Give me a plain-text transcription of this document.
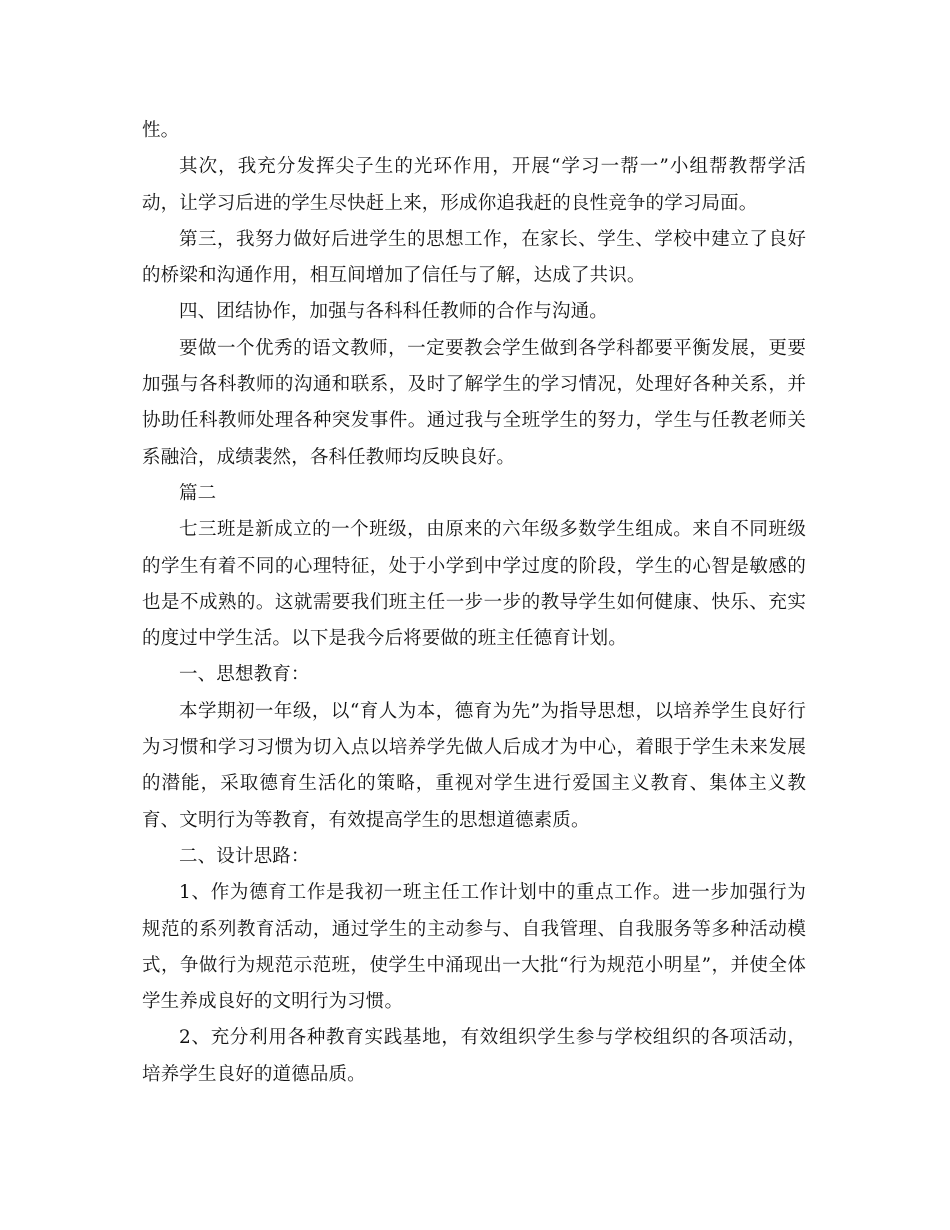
性。

其次，我充分发挥尖子生的光环作用，开展“学习一帮一”小组帮教帮学活动，让学习后进的学生尽快赶上来，形成你追我赶的良性竞争的学习局面。

第三，我努力做好后进学生的思想工作，在家长、学生、学校中建立了良好的桥梁和沟通作用，相互间增加了信任与了解，达成了共识。

四、团结协作，加强与各科科任教师的合作与沟通。

要做一个优秀的语文教师，一定要教会学生做到各学科都要平衡发展，更要加强与各科教师的沟通和联系，及时了解学生的学习情况，处理好各种关系，并协助任科教师处理各种突发事件。通过我与全班学生的努力，学生与任教老师关系融洽，成绩裴然，各科任教师均反映良好。

篇二

七三班是新成立的一个班级，由原来的六年级多数学生组成。来自不同班级的学生有着不同的心理特征，处于小学到中学过度的阶段，学生的心智是敏感的也是不成熟的。这就需要我们班主任一步一步的教导学生如何健康、快乐、充实的度过中学生活。以下是我今后将要做的班主任德育计划。

一、思想教育：

本学期初一年级，以“育人为本，德育为先”为指导思想，以培养学生良好行为习惯和学习习惯为切入点以培养学先做人后成才为中心，着眼于学生未来发展的潜能，采取德育生活化的策略，重视对学生进行爱国主义教育、集体主义教育、文明行为等教育，有效提高学生的思想道德素质。

二、设计思路：

1、作为德育工作是我初一班主任工作计划中的重点工作。进一步加强行为规范的系列教育活动，通过学生的主动参与、自我管理、自我服务等多种活动模式，争做行为规范示范班，使学生中涌现出一大批“行为规范小明星”，并使全体学生养成良好的文明行为习惯。

2、充分利用各种教育实践基地，有效组织学生参与学校组织的各项活动，培养学生良好的道德品质。
